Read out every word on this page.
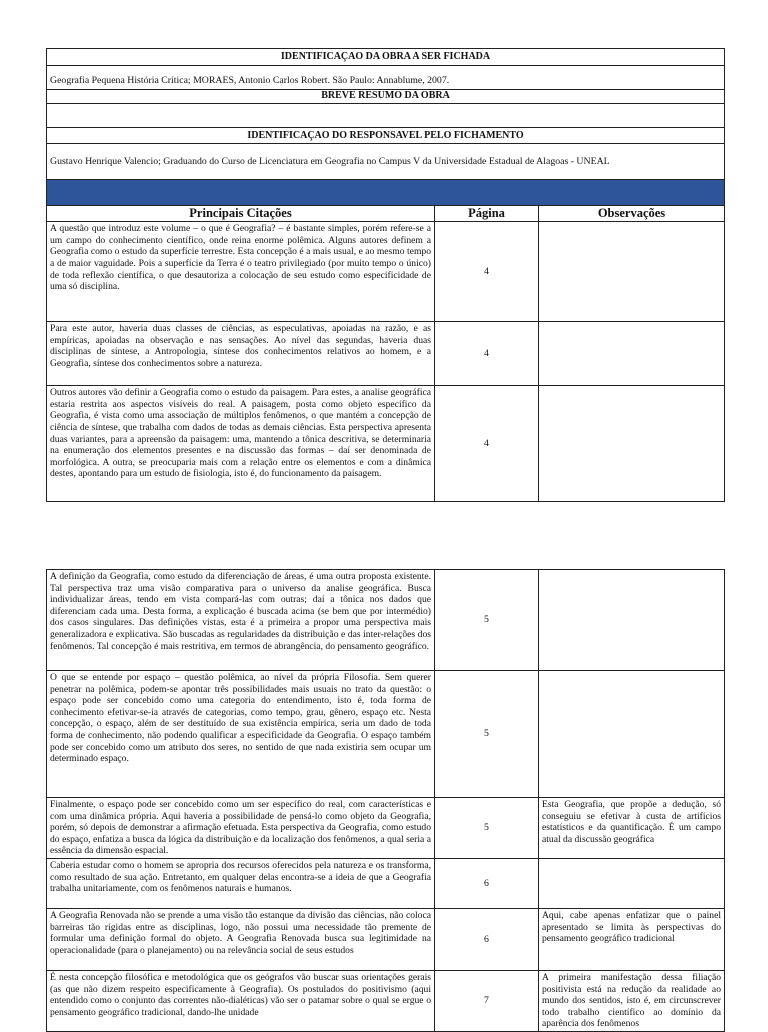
IDENTIFICAÇAO DA OBRA A SER FICHADA		
Geografia Pequena História Crítica; MORAES, Antonio Carlos Robert. São Paulo: Annablume, 2007.		
BREVE RESUMO DA OBRA		

IDENTIFICAÇAO DO RESPONSAVEL PELO FICHAMENTO		
Gustavo Henrique Valencio; Graduando do Curso de Licenciatura em Geografia no Campus V da Universidade Estadual de Alagoas - UNEAL		

Principais Citações	Página	Observações
A questão que introduz este volume – o que é Geografia? – é bastante simples, porém refere-se a um campo do conhecimento científico, onde reina enorme polêmica. Alguns autores definem a Geografia como o estudo da superfície terrestre. Esta concepção é a mais usual, e ao mesmo tempo a de maior vaguidade. Pois a superfície da Terra é o teatro privilegiado (por muito tempo o único) de toda reflexão científica, o que desautoriza a colocação de seu estudo como especificidade de uma só disciplina.	4	
Para este autor, haveria duas classes de ciências, as especulativas, apoiadas na razão, e as empíricas, apoiadas na observação e nas sensações. Ao nível das segundas, haveria duas disciplinas de síntese, a Antropologia, síntese dos conhecimentos relativos ao homem, e a Geografia, síntese dos conhecimentos sobre a natureza.	4	
Outros autores vão definir a Geografia como o estudo da paisagem. Para estes, a analise geográfica estaria restrita aos aspectos visíveis do real. A paisagem, posta como objeto específico da Geografia, é vista como uma associação de múltiplos fenômenos, o que mantém a concepção de ciência de síntese, que trabalha com dados de todas as demais ciências. Esta perspectiva apresenta duas variantes, para a apreensão da paisagem: uma, mantendo a tônica descritiva, se determinaria na enumeração dos elementos presentes e na discussão das formas – daí ser denominada de morfológica. A outra, se preocuparia mais com a relação entre os elementos e com a dinâmica destes, apontando para um estudo de fisiologia, isto é, do funcionamento da paisagem.	4	
A definição da Geografia, como estudo da diferenciação de áreas, é uma outra proposta existente. Tal perspectiva traz uma visão comparativa para o universo da analise geográfica. Busca individualizar áreas, tendo em vista compará-las com outras; daí a tônica nos dados que diferenciam cada uma. Desta forma, a explicação é buscada acima (se bem que por intermédio) dos casos singulares. Das definições vistas, esta é a primeira a propor uma perspectiva mais generalizadora e explicativa. São buscadas as regularidades da distribuição e das inter-relações dos fenômenos. Tal concepção é mais restritiva, em termos de abrangência, do pensamento geográfico.	5	
O que se entende por espaço – questão polêmica, ao nível da própria Filosofia. Sem querer penetrar na polêmica, podem-se apontar três possibilidades mais usuais no trato da questão: o espaço pode ser concebido como uma categoria do entendimento, isto é, toda forma de conhecimento efetivar-se-ia através de categorias, como tempo, grau, gênero, espaço etc. Nesta concepção, o espaço, além de ser destituído de sua existência empírica, seria um dado de toda forma de conhecimento, não podendo qualificar a especificidade da Geografia. O espaço também pode ser concebido como um atributo dos seres, no sentido de que nada existiria sem ocupar um determinado espaço.	5	
Finalmente, o espaço pode ser concebido como um ser específico do real, com características e com uma dinâmica própria. Aqui haveria a possibilidade de pensá-lo como objeto da Geografia, porém, só depois de demonstrar a afirmação efetuada. Esta perspectiva da Geografia, como estudo do espaço, enfatiza a busca da lógica da distribuição e da localização dos fenômenos, a qual seria a essência da dimensão espacial.	5	Esta Geografia, que propõe a dedução, só conseguiu se efetivar à custa de artifícios estatísticos e da quantificação. É um campo atual da discussão geográfica
Caberia estudar como o homem se apropria dos recursos oferecidos pela natureza e os transforma, como resultado de sua ação. Entretanto, em qualquer delas encontra-se a ideia de que a Geografia trabalha unitariamente, com os fenômenos naturais e humanos.	6	
A Geografia Renovada não se prende a uma visão tão estanque da divisão das ciências, não coloca barreiras tão rígidas entre as disciplinas, logo, não possui uma necessidade tão premente de formular uma definição formal do objeto. A Geografia Renovada busca sua legitimidade na operacionalidade (para o planejamento) ou na relevância social de seus estudos	6	Aqui, cabe apenas enfatizar que o painel apresentado se limita às perspectivas do pensamento geográfico tradicional
É nesta concepção filosófica e metodológica que os geógrafos vão buscar suas orientações gerais (as que não dizem respeito especificamente à Geografia). Os postulados do positivismo (aqui entendido como o conjunto das correntes não-dialéticas) vão ser o patamar sobre o qual se ergue o pensamento geográfico tradicional, dando-lhe unidade	7	A primeira manifestação dessa filiação positivista está na redução da realidade ao mundo dos sentidos, isto é, em circunscrever todo trabalho científico ao domínio da aparência dos fenômenos
